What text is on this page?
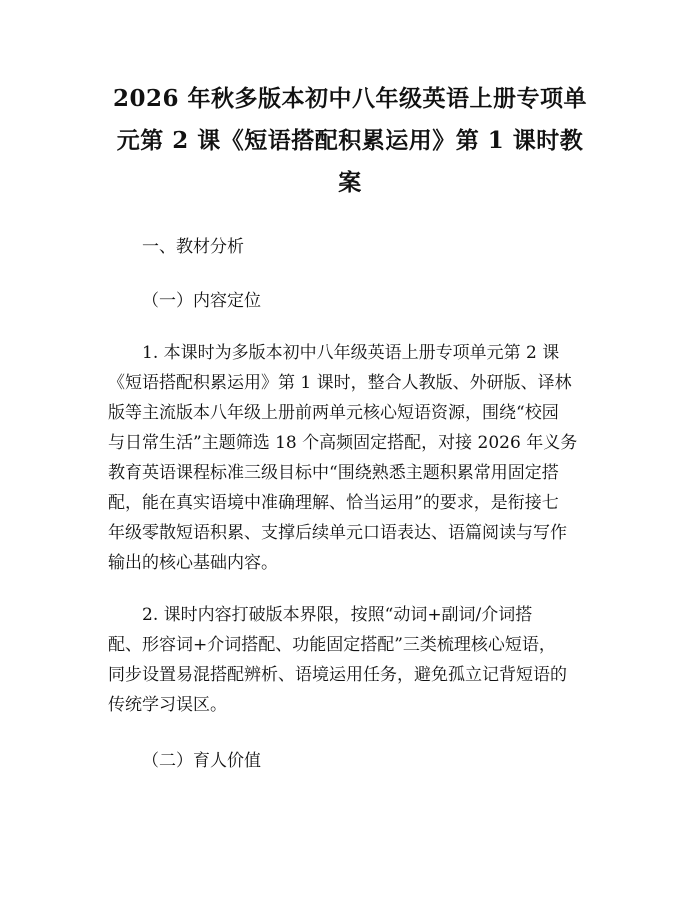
2026 年秋多版本初中八年级英语上册专项单
元第 2 课《短语搭配积累运用》第 1 课时教
案

一、教材分析

（一）内容定位

1. 本课时为多版本初中八年级英语上册专项单元第 2 课
《短语搭配积累运用》第 1 课时，整合人教版、外研版、译林
版等主流版本八年级上册前两单元核心短语资源，围绕“校园
与日常生活”主题筛选 18 个高频固定搭配，对接 2026 年义务
教育英语课程标准三级目标中“围绕熟悉主题积累常用固定搭
配，能在真实语境中准确理解、恰当运用”的要求，是衔接七
年级零散短语积累、支撑后续单元口语表达、语篇阅读与写作
输出的核心基础内容。

2. 课时内容打破版本界限，按照“动词+副词/介词搭
配、形容词+介词搭配、功能固定搭配”三类梳理核心短语，
同步设置易混搭配辨析、语境运用任务，避免孤立记背短语的
传统学习误区。

（二）育人价值
